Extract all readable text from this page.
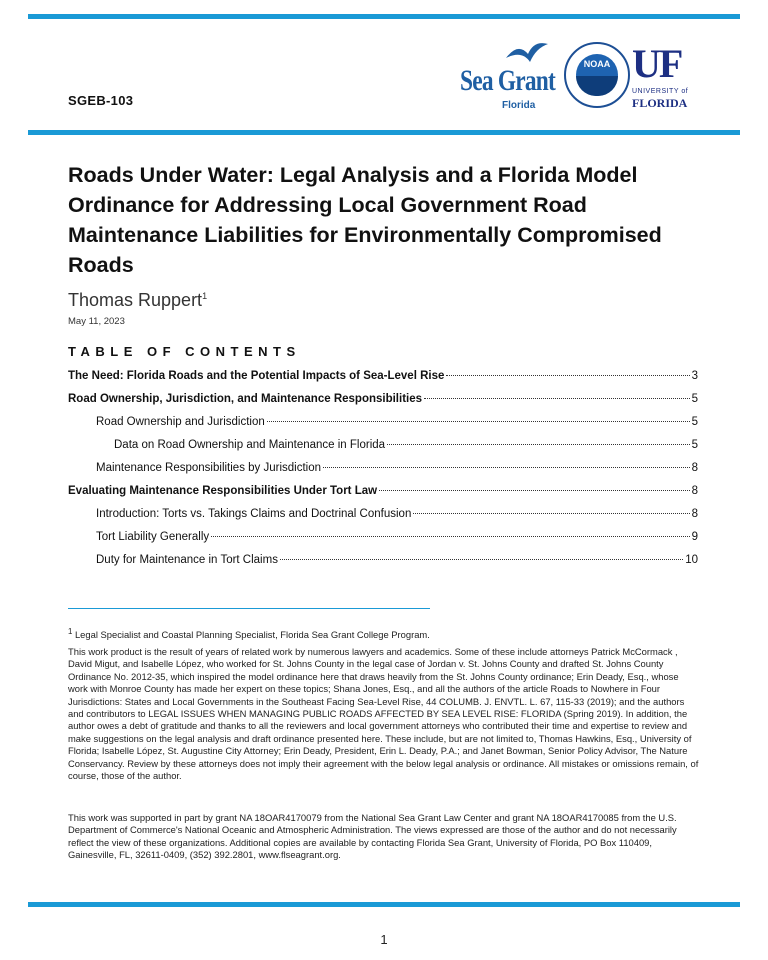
SGEB-103
Sea Grant
Florida
NOAA UF
UNIVERSITY of
FLORIDA
Roads Under Water: Legal Analysis and a Florida Model Ordinance for Addressing Local Government Road Maintenance Liabilities for Environmentally Compromised Roads
Thomas Ruppert$^1$
May 11, 2023
TABLE OF CONTENTS
The Need: Florida Roads and the Potential Impacts of Sea-Level Rise	3
Road Ownership, Jurisdiction, and Maintenance Responsibilities	5
Road Ownership and Jurisdiction	5
Data on Road Ownership and Maintenance in Florida	5
Maintenance Responsibilities by Jurisdiction	8
Evaluating Maintenance Responsibilities Under Tort Law	8
Introduction: Torts vs. Takings Claims and Doctrinal Confusion	8
Tort Liability Generally	9
Duty for Maintenance in Tort Claims	10

$^1$ Legal Specialist and Coastal Planning Specialist, Florida Sea Grant College Program.

This work product is the result of years of related work by numerous lawyers and academics. Some of these include attorneys Patrick McCormack , David Migut, and Isabelle López, who worked for St. Johns County in the legal case of Jordan v. St. Johns County and drafted St. Johns County Ordinance No. 2012-35, which inspired the model ordinance here that draws heavily from the St. Johns County ordinance; Erin Deady, Esq., whose work with Monroe County has made her expert on these topics; Shana Jones, Esq., and all the authors of the article Roads to Nowhere in Four Jurisdictions: States and Local Governments in the Southeast Facing Sea-Level Rise, 44 COLUMB. J. ENVTL. L. 67, 115-33 (2019); and the authors and contributors to LEGAL ISSUES WHEN MANAGING PUBLIC ROADS AFFECTED BY SEA LEVEL RISE: FLORIDA (Spring 2019). In addition, the author owes a debt of gratitude and thanks to all the reviewers and local government attorneys who contributed their time and expertise to review and make suggestions on the legal analysis and draft ordinance presented here. These include, but are not limited to, Thomas Hawkins, Esq., University of Florida; Isabelle López, St. Augustine City Attorney; Erin Deady, President, Erin L. Deady, P.A.; and Janet Bowman, Senior Policy Advisor, The Nature Conservancy. Review by these attorneys does not imply their agreement with the below legal analysis or ordinance. All mistakes or omissions remain, of course, those of the author.

This work was supported in part by grant NA 18OAR4170079 from the National Sea Grant Law Center and grant NA 18OAR4170085 from the U.S. Department of Commerce's National Oceanic and Atmospheric Administration. The views expressed are those of the author and do not necessarily reflect the view of these organizations. Additional copies are available by contacting Florida Sea Grant, University of Florida, PO Box 110409, Gainesville, FL, 32611-0409, (352) 392.2801, www.flseagrant.org.

1
